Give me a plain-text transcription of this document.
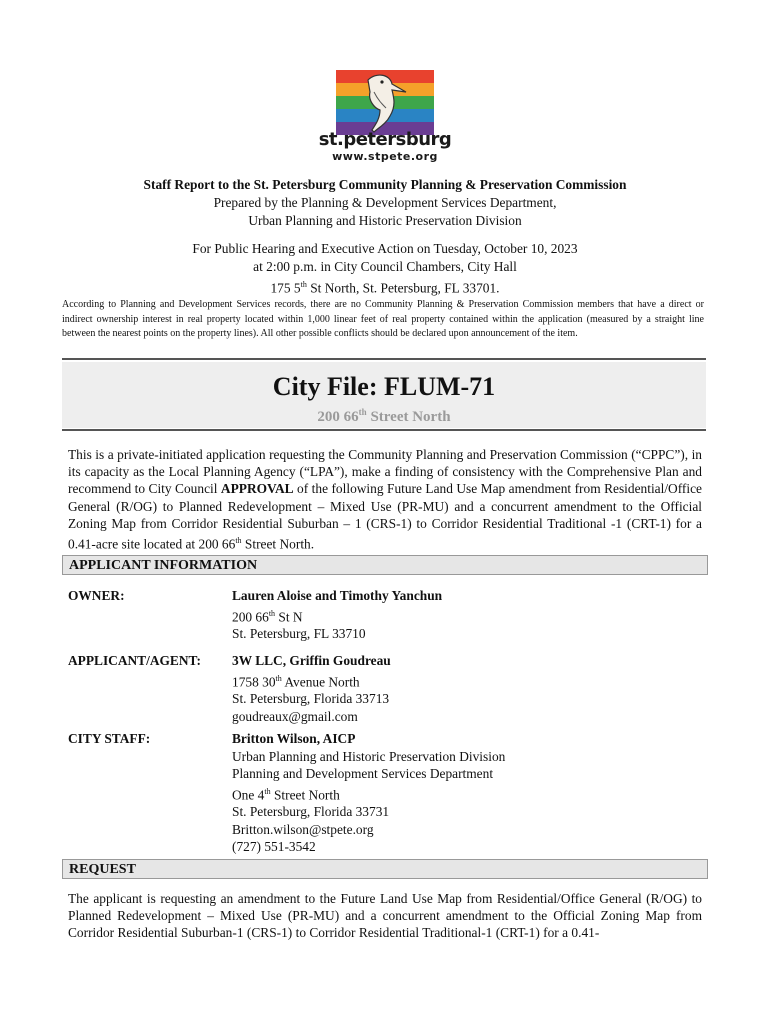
st.petersburg
www.stpete.org
Staff Report to the St. Petersburg Community Planning & Preservation Commission
Prepared by the Planning & Development Services Department,
Urban Planning and Historic Preservation Division
For Public Hearing and Executive Action on Tuesday, October 10, 2023
at 2:00 p.m. in City Council Chambers, City Hall
175 5th St North, St. Petersburg, FL 33701.
According to Planning and Development Services records, there are no Community Planning & Preservation Commission members that have a direct or indirect ownership interest in real property located within 1,000 linear feet of real property contained within the application (measured by a straight line between the nearest points on the property lines). All other possible conflicts should be declared upon announcement of the item.
City File: FLUM-71
200 66th Street North
This is a private-initiated application requesting the Community Planning and Preservation Commission (“CPPC”), in its capacity as the Local Planning Agency (“LPA”), make a finding of consistency with the Comprehensive Plan and recommend to City Council APPROVAL of the following Future Land Use Map amendment from Residential/Office General (R/OG) to Planned Redevelopment – Mixed Use (PR-MU) and a concurrent amendment to the Official Zoning Map from Corridor Residential Suburban – 1 (CRS-1) to Corridor Residential Traditional -1 (CRT-1) for a 0.41-acre site located at 200 66th Street North.
APPLICANT INFORMATION
OWNER:	Lauren Aloise and Timothy Yanchun
200 66th St N
St. Petersburg, FL 33710
APPLICANT/AGENT: 3W LLC, Griffin Goudreau
1758 30th Avenue North
St. Petersburg, Florida 33713
goudreaux@gmail.com
CITY STAFF:	Britton Wilson, AICP
Urban Planning and Historic Preservation Division
Planning and Development Services Department
One 4th Street North
St. Petersburg, Florida 33731
Britton.wilson@stpete.org
(727) 551-3542
REQUEST
The applicant is requesting an amendment to the Future Land Use Map from Residential/Office General (R/OG) to Planned Redevelopment – Mixed Use (PR-MU) and a concurrent amendment to the Official Zoning Map from Corridor Residential Suburban-1 (CRS-1) to Corridor Residential Traditional-1 (CRT-1) for a 0.41-
